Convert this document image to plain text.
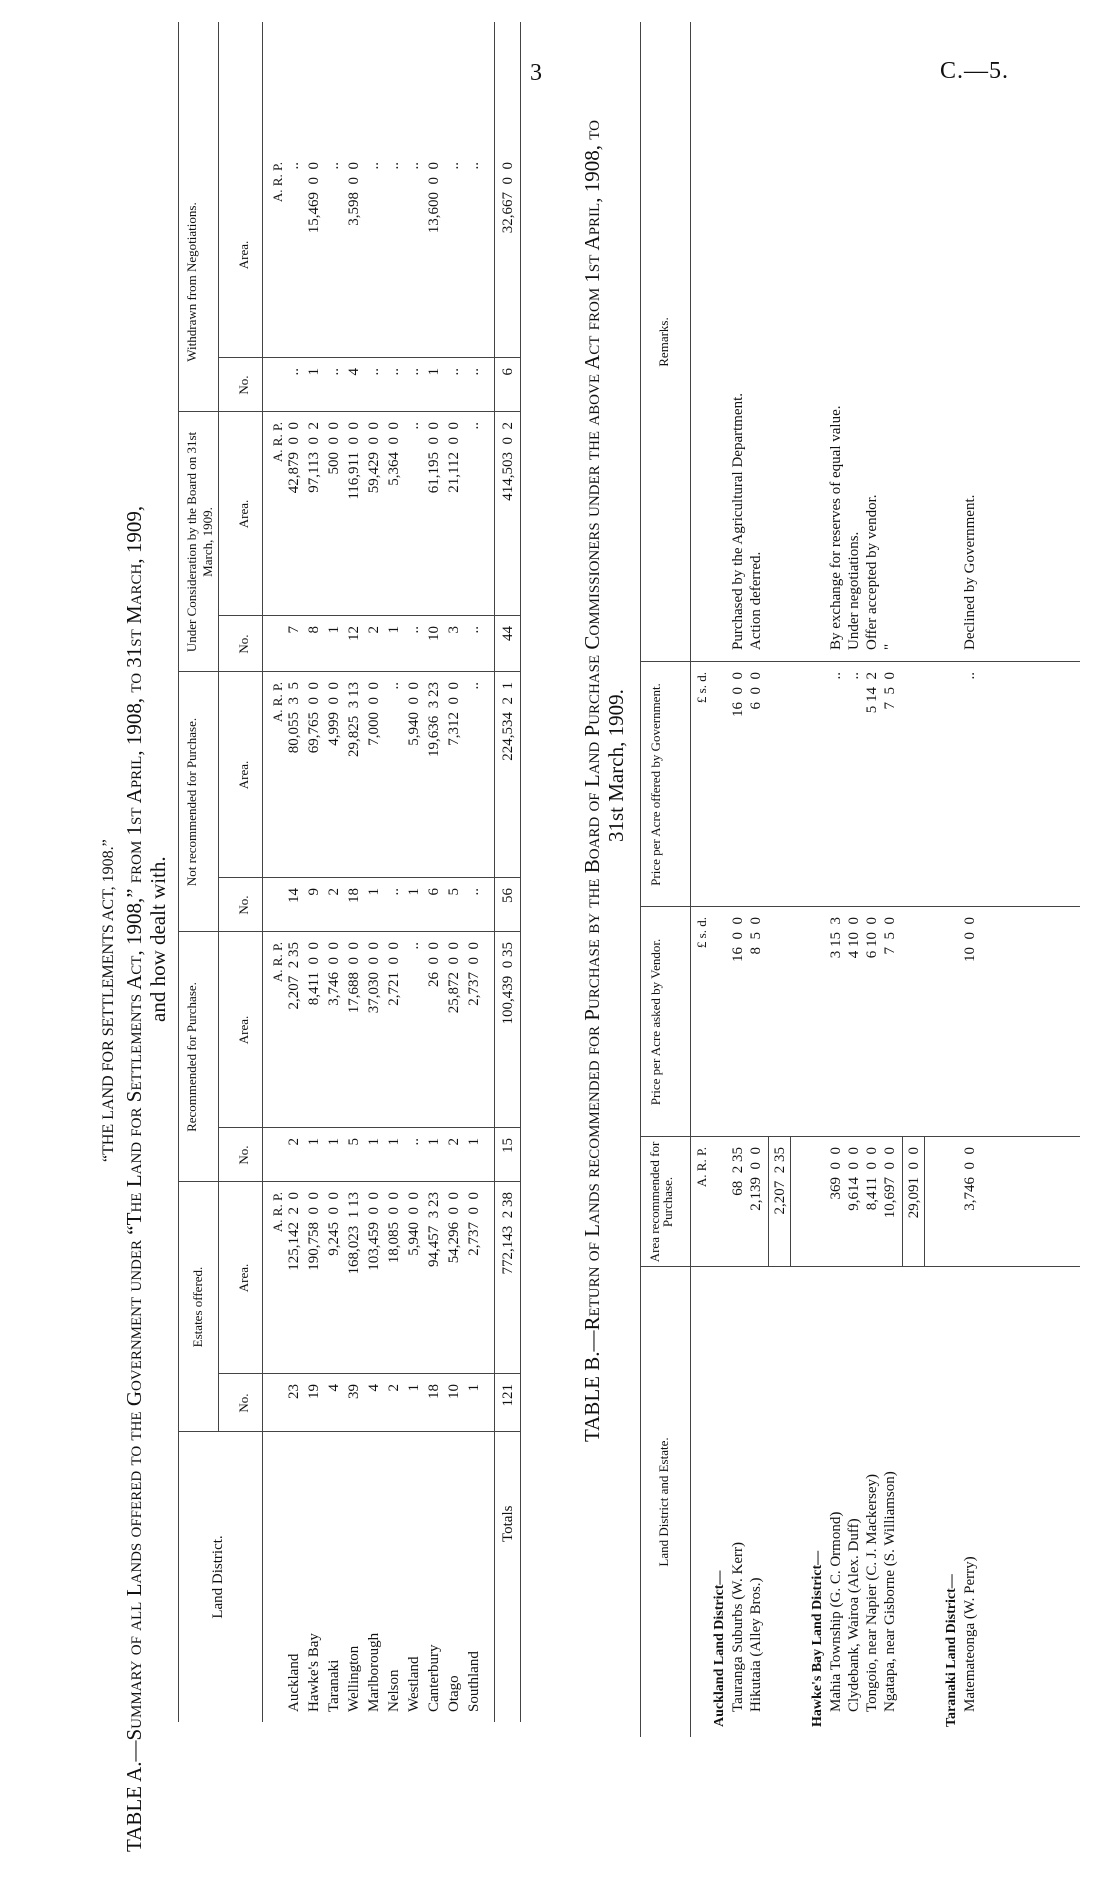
3	C.—5.
“THE LAND FOR SETTLEMENTS ACT, 1908.” TABLE A.—Summary of all Lands offered to the Government under “The Land for Settlements Act, 1908,” from 1st April, 1908, to 31st March, 1909, and how dealt with.
Land District.
Estates offered.
Recommended for Purchase.
Not recommended for Purchase.
Under Consideration by the Board on 31st March, 1909.
Withdrawn from Negotiations.
No.
Area.
A. R. P.
No.
Area.
A. R. P.
No.
Area.
A. R. P.
No.
Area.
A. R. P.
No.
Area.
A. R. P.
Auckland
23
125,142  2  0
2
2,207  2 35
14
80,055  3  5
7
42,879  0  0
..
..
Hawke's Bay
19
190,758  0  0
1
8,411  0  0
9
69,765  0  0
8
97,113  0  2
1
15,469  0  0
Taranaki
4
9,245  0  0
1
3,746  0  0
2
4,999  0  0
1
500  0  0
..
..
Wellington
39
168,023  1 13
5
17,688  0  0
18
29,825  3 13
12
116,911  0  0
4
3,598  0  0
Marlborough
4
103,459  0  0
1
37,030  0  0
1
7,000  0  0
2
59,429  0  0
..
..
Nelson
2
18,085  0  0
1
2,721  0  0
..
..
1
5,364  0  0
..
..
Westland
1
5,940  0  0
..
..
1
5,940  0  0
..
..
..
..
Canterbury
18
94,457  3 23
1
26  0  0
6
19,636  3 23
10
61,195  0  0
1
13,600  0  0
Otago
10
54,296  0  0
2
25,872  0  0
5
7,312  0  0
3
21,112  0  0
..
..
Southland
1
2,737  0  0
1
2,737  0  0
..
..
..
..
..
..
Totals
121
772,143  2 38
15
100,439  0 35
56
224,534  2  1
44
414,503  0  2
6
32,667  0  0	TABLE B.—Return of Lands recommended for Purchase by the Board of Land Purchase Commissioners under the above Act from 1st April, 1908, to 31st March, 1909.
Land District and Estate.
Area recommended for Purchase.
Price per Acre asked by Vendor.
Price per Acre offered by Government.
Remarks.
A. R. P.
£ s. d.
£ s. d.
Auckland Land District— Tauranga Suburbs (W. Kerr)
68  2 35
16  0  0
16  0  0
Purchased by the Agricultural Department.
Hikutaia (Alley Bros.)
2,139  0  0
8  5  0
6  0  0
Action deferred.
2,207  2 35
Hawke's Bay Land District— Mahia Township (G. C. Ormond)
369  0  0
3 15  3
..
By exchange for reserves of equal value.
Clydebank, Wairoa (Alex. Duff)
9,614  0  0
4 10  0
..
Under negotiations.
Tongoio, near Napier (C. J. Mackersey)
8,411  0  0
6 10  0
5 14  2
Offer accepted by vendor.
Ngatapa, near Gisborne (S. Williamson)
10,697  0  0
7  5  0
7  5  0
"
29,091  0  0
Taranaki Land District— Matemateonga (W. Perry)
3,746  0  0
10  0  0
..
Declined by Government.
